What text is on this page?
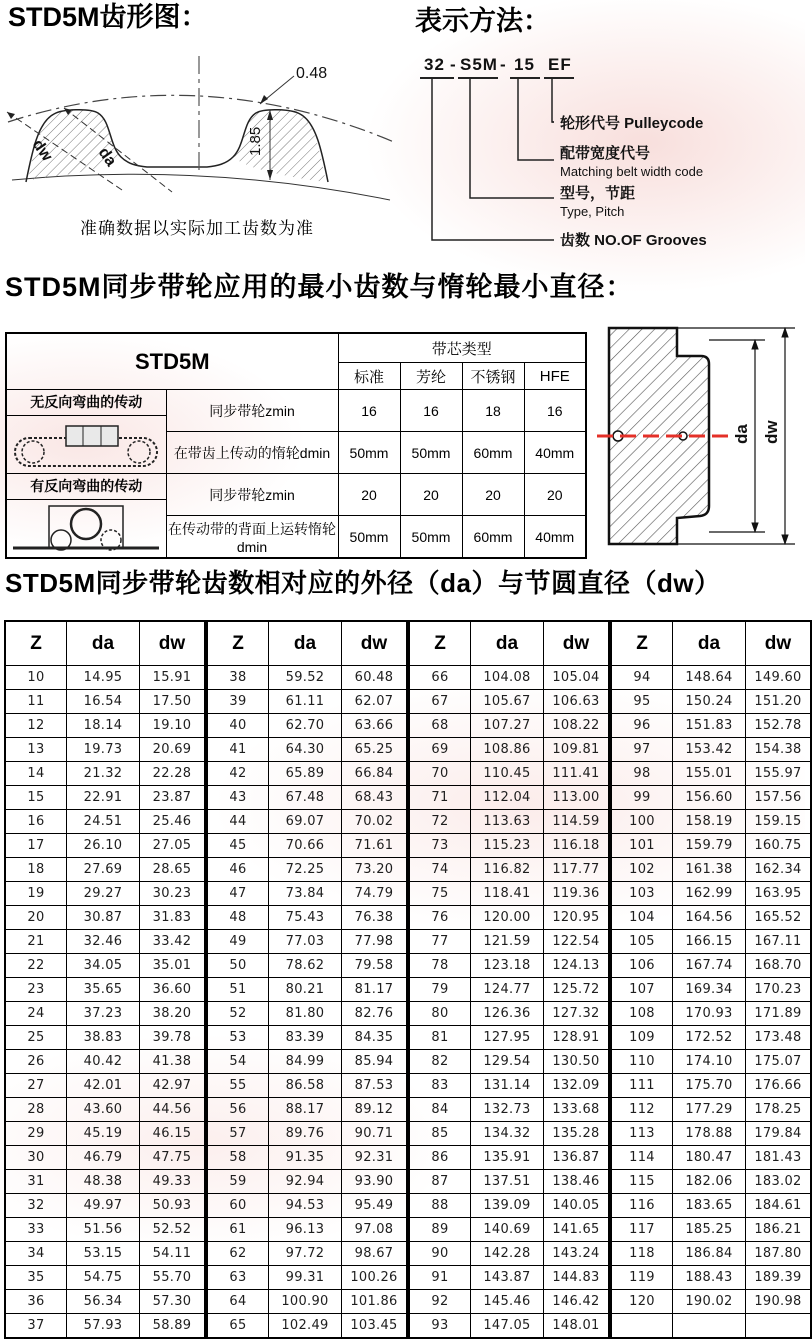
STD5M齿形图：	表示方法：
1.85
0.48
dw da
准确数据以实际加工齿数为准
32 - S5M - 15 EF
轮形代号 Pulleycode
配带宽度代号
Matching belt width code
型号，节距
Type, Pitch
齿数 NO.OF Grooves
STD5M同步带轮应用的最小齿数与惰轮最小直径：
STD5M		带芯类型			
		标准	芳纶	不锈钢	HFE

无反向弯曲的传动	同步带轮zmin	16	16	18	16
	在带齿上传动的惰轮dmin	50mm	50mm	60mm	40mm

有反向弯曲的传动	同步带轮zmin	20	20	20	20
	在传动带的背面上运转惰轮dmin	50mm	50mm	60mm	40mm
da dw
STD5M同步带轮齿数相对应的外径（da）与节圆直径（dw）
Z	da	dw
10	14.95	15.91
11	16.54	17.50
12	18.14	19.10
13	19.73	20.69
14	21.32	22.28
15	22.91	23.87
16	24.51	25.46
17	26.10	27.05
18	27.69	28.65
19	29.27	30.23
20	30.87	31.83
21	32.46	33.42
22	34.05	35.01
23	35.65	36.60
24	37.23	38.20
25	38.83	39.78
26	40.42	41.38
27	42.01	42.97
28	43.60	44.56
29	45.19	46.15
30	46.79	47.75
31	48.38	49.33
32	49.97	50.93
33	51.56	52.52
34	53.15	54.11
35	54.75	55.70
36	56.34	57.30
37	57.93	58.89
Z	da	dw
38	59.52	60.48
39	61.11	62.07
40	62.70	63.66
41	64.30	65.25
42	65.89	66.84
43	67.48	68.43
44	69.07	70.02
45	70.66	71.61
46	72.25	73.20
47	73.84	74.79
48	75.43	76.38
49	77.03	77.98
50	78.62	79.58
51	80.21	81.17
52	81.80	82.76
53	83.39	84.35
54	84.99	85.94
55	86.58	87.53
56	88.17	89.12
57	89.76	90.71
58	91.35	92.31
59	92.94	93.90
60	94.53	95.49
61	96.13	97.08
62	97.72	98.67
63	99.31	100.26
64	100.90	101.86
65	102.49	103.45
Z	da	dw
66	104.08	105.04
67	105.67	106.63
68	107.27	108.22
69	108.86	109.81
70	110.45	111.41
71	112.04	113.00
72	113.63	114.59
73	115.23	116.18
74	116.82	117.77
75	118.41	119.36
76	120.00	120.95
77	121.59	122.54
78	123.18	124.13
79	124.77	125.72
80	126.36	127.32
81	127.95	128.91
82	129.54	130.50
83	131.14	132.09
84	132.73	133.68
85	134.32	135.28
86	135.91	136.87
87	137.51	138.46
88	139.09	140.05
89	140.69	141.65
90	142.28	143.24
91	143.87	144.83
92	145.46	146.42
93	147.05	148.01
Z	da	dw
94	148.64	149.60
95	150.24	151.20
96	151.83	152.78
97	153.42	154.38
98	155.01	155.97
99	156.60	157.56
100	158.19	159.15
101	159.79	160.75
102	161.38	162.34
103	162.99	163.95
104	164.56	165.52
105	166.15	167.11
106	167.74	168.70
107	169.34	170.23
108	170.93	171.89
109	172.52	173.48
110	174.10	175.07
111	175.70	176.66
112	177.29	178.25
113	178.88	179.84
114	180.47	181.43
115	182.06	183.02
116	183.65	184.61
117	185.25	186.21
118	186.84	187.80
119	188.43	189.39
120	190.02	190.98
